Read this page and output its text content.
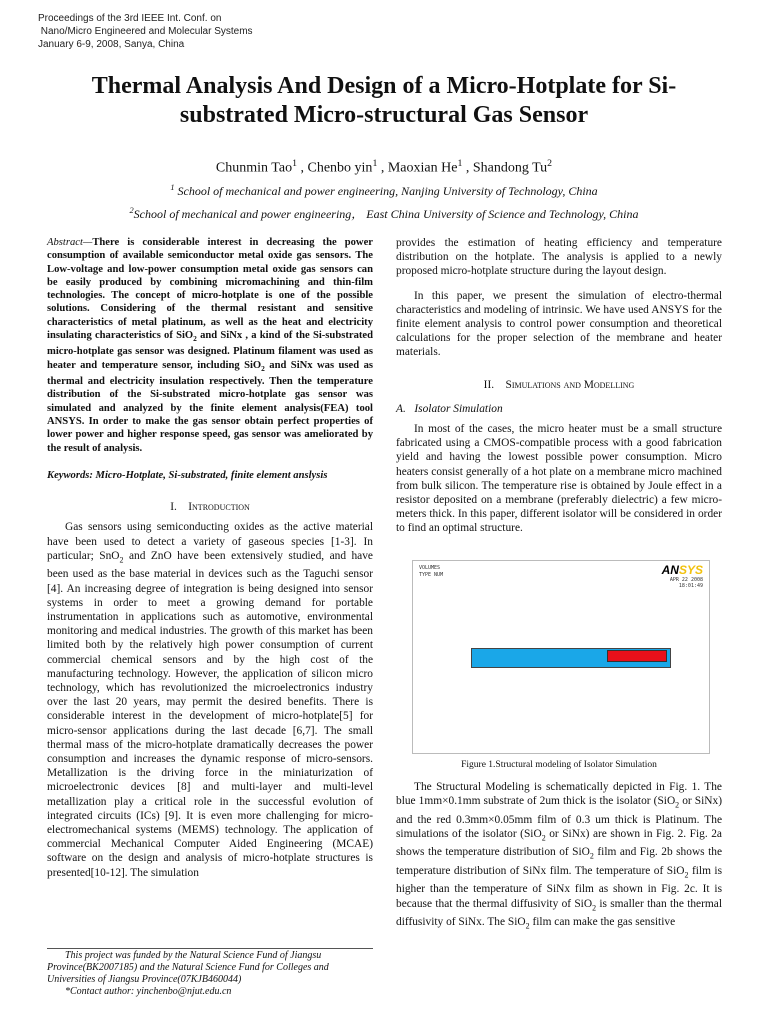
Proceedings of the 3rd IEEE Int. Conf. on
Nano/Micro Engineered and Molecular Systems
January 6-9, 2008, Sanya, China
Thermal Analysis And Design of a Micro-Hotplate for Si-
substrated Micro-structural Gas Sensor
Chunmin Tao$^1$ , Chenbo yin$^1$ , Maoxian He$^1$ , Shandong Tu$^2$
$^1$ School of mechanical and power engineering, Nanjing University of Technology, China
$^2$School of mechanical and power engineering， East China University of Science and Technology, China

Abstract—There is considerable interest in decreasing the power consumption of available semiconductor metal oxide gas sensors. The Low-voltage and low-power consumption metal oxide gas sensors can be easily produced by combining micromachining and thin-film technologies. The concept of micro-hotplate is one of the possible solutions. Considering of the thermal resistant and sensitive characteristics of metal platinum, as well as the heat and electricity insulating characteristics of SiO$_2$ and SiNx , a kind of the Si-substrated micro-hotplate gas sensor was designed. Platinum filament was used as heater and temperature sensor, including SiO$_2$ and SiNx was used as thermal and electricity insulation respectively. Then the temperature distribution of the Si-substrated micro-hotplate gas sensor was simulated and analyzed by the finite element analysis(FEA) tool ANSYS. In order to make the gas sensor obtain perfect properties of lower power and higher response speed, gas sensor was ameliorated by the result of analysis.

Keywords: Micro-Hotplate, Si-substrated, finite element anslysis

I. Introduction

Gas sensors using semiconducting oxides as the active material have been used to detect a variety of gaseous species [1-3]. In particular; SnO$_2$ and ZnO have been extensively studied, and have been used as the base material in devices such as the Taguchi sensor [4]. An increasing degree of integration is being designed into sensor systems in order to meet a growing demand for portable instrumentation in applications such as automotive, environmental monitoring and medical industries. The growth of this market has been limited both by the relatively high power consumption of current commercial chemical sensors and by the high cost of the manufacturing technology. However, the application of silicon micro technology, which has revolutionized the microelectronics industry over the last 20 years, may permit the desired benefits. There is considerable interest in the development of micro-hotplate[5] for micro-sensor applications during the last decade [6,7]. The small thermal mass of the micro-hotplate dramatically decreases the power consumption and increases the dynamic response of micro-sensors. Metallization is the driving force in the miniaturization of microelectronic devices [8] and multi-layer and multi-level metallization play a critical role in the successful evolution of integrated circuits (ICs) [9]. It is even more challenging for micro-electromechanical systems (MEMS) technology. The application of commercial Mechanical Computer Aided Engineering (MCAE) software on the design and analysis of micro-hotplate structures is presented[10-12]. The simulation

This project was funded by the Natural Science Fund of Jiangsu Province(BK2007185) and the Natural Science Fund for Colleges and Universities of Jiangsu Province(07KJB460044)
*Contact author: yinchenbo@njut.edu.cn

provides the estimation of heating efficiency and temperature distribution on the hotplate. The analysis is applied to a newly proposed micro-hotplate structure during the layout design.

In this paper, we present the simulation of electro-thermal characteristics and modeling of intrinsic. We have used ANSYS for the finite element analysis to control power consumption and theoretical calculations for the proper selection of the membrane and heater materials.

II. Simulations and Modelling
A. Isolator Simulation

In most of the cases, the micro heater must be a small structure fabricated using a CMOS-compatible process with a good fabrication yield and having the lowest possible power consumption. Micro heaters consist generally of a hot plate on a membrane micro machined from bulk silicon. The temperature rise is obtained by Joule effect in a resistor deposited on a membrane (preferably dielectric) a few micro-meters thick. In this paper, different isolator will be considered in order to find an optimal structure.

VOLUMES
TYPE NUM	ANSYS
APR 22 2008
18:01:49
Figure 1.Structural modeling of Isolator Simulation

The Structural Modeling is schematically depicted in Fig. 1. The blue 1mm×0.1mm substrate of 2um thick is the isolator (SiO$_2$ or SiNx) and the red 0.3mm×0.05mm film of 0.3 um thick is Platinum. The simulations of the isolator (SiO$_2$ or SiNx) are shown in Fig. 2. Fig. 2a shows the temperature distribution of SiO$_2$ film and Fig. 2b shows the temperature distribution of SiNx film. The temperature of SiO$_2$ film is higher than the temperature of SiNx film as shown in Fig. 2c. It is because that the thermal diffusivity of SiO$_2$ is smaller than the thermal diffusivity of SiNx. The SiO$_2$ film can make the gas sensitive
